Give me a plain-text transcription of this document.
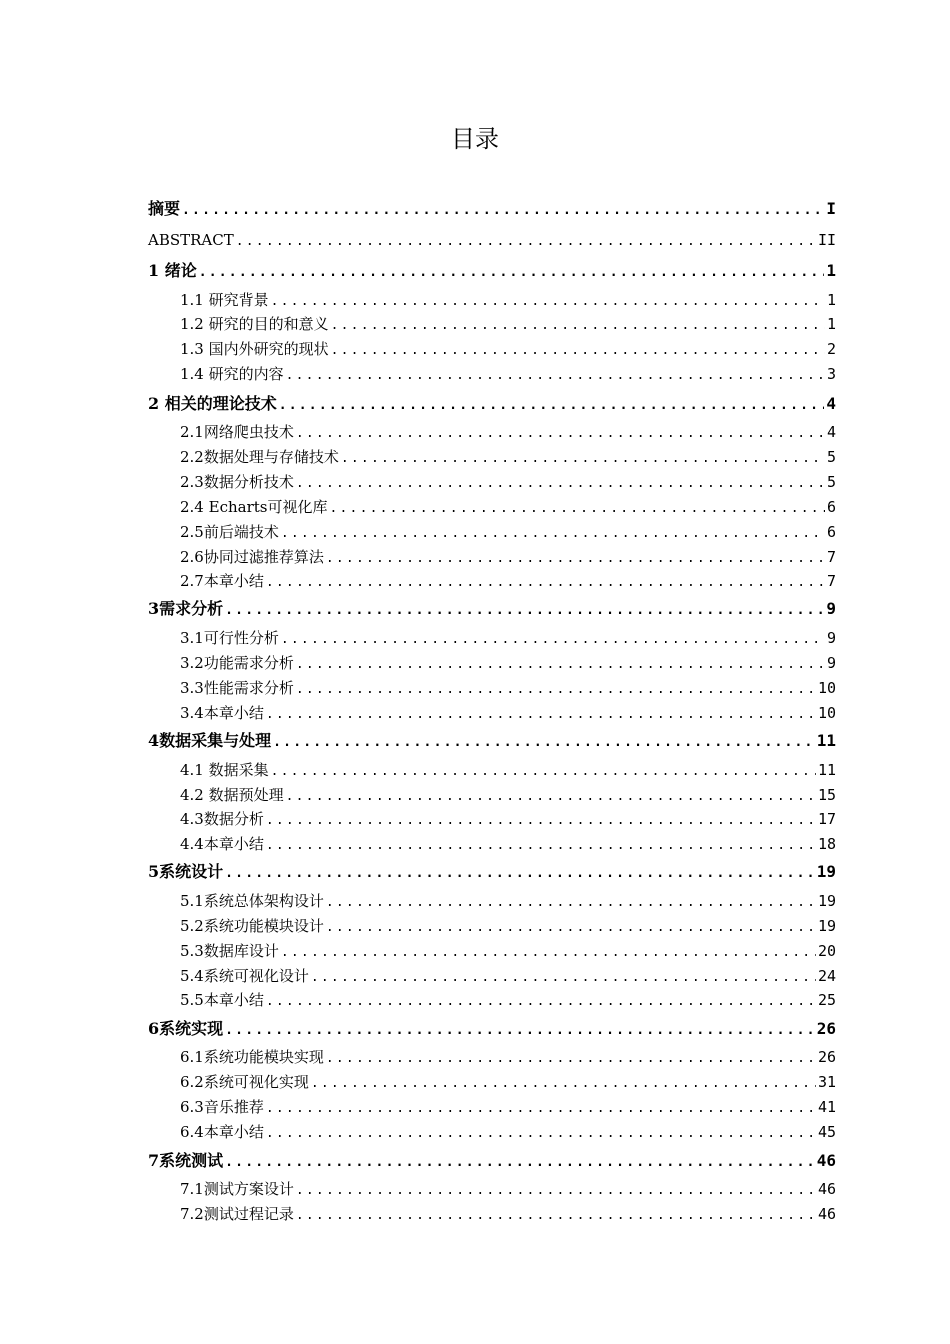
目录
摘要 .....	I
ABSTRACT .....	II
1 绪论 .....	1
1.1 研究背景 .....	1
1.2 研究的目的和意义 .....	1
1.3 国内外研究的现状 .....	2
1.4 研究的内容 .....	3
2 相关的理论技术 .....	4
2.1网络爬虫技术 .....	4
2.2数据处理与存储技术 .....	5
2.3数据分析技术 .....	5
2.4 Echarts可视化库 .....	6
2.5前后端技术 .....	6
2.6协同过滤推荐算法 .....	7
2.7本章小结 .....	7
3需求分析 .....	9
3.1可行性分析 .....	9
3.2功能需求分析 .....	9
3.3性能需求分析 .....	10
3.4本章小结 .....	10
4数据采集与处理 .....	11
4.1 数据采集 .....	11
4.2 数据预处理 .....	15
4.3数据分析 .....	17
4.4本章小结 .....	18
5系统设计 .....	19
5.1系统总体架构设计 .....	19
5.2系统功能模块设计 .....	19
5.3数据库设计 .....	20
5.4系统可视化设计 .....	24
5.5本章小结 .....	25
6系统实现 .....	26
6.1系统功能模块实现 .....	26
6.2系统可视化实现 .....	31
6.3音乐推荐 .....	41
6.4本章小结 .....	45
7系统测试 .....	46
7.1测试方案设计 .....	46
7.2测试过程记录 .....	46
